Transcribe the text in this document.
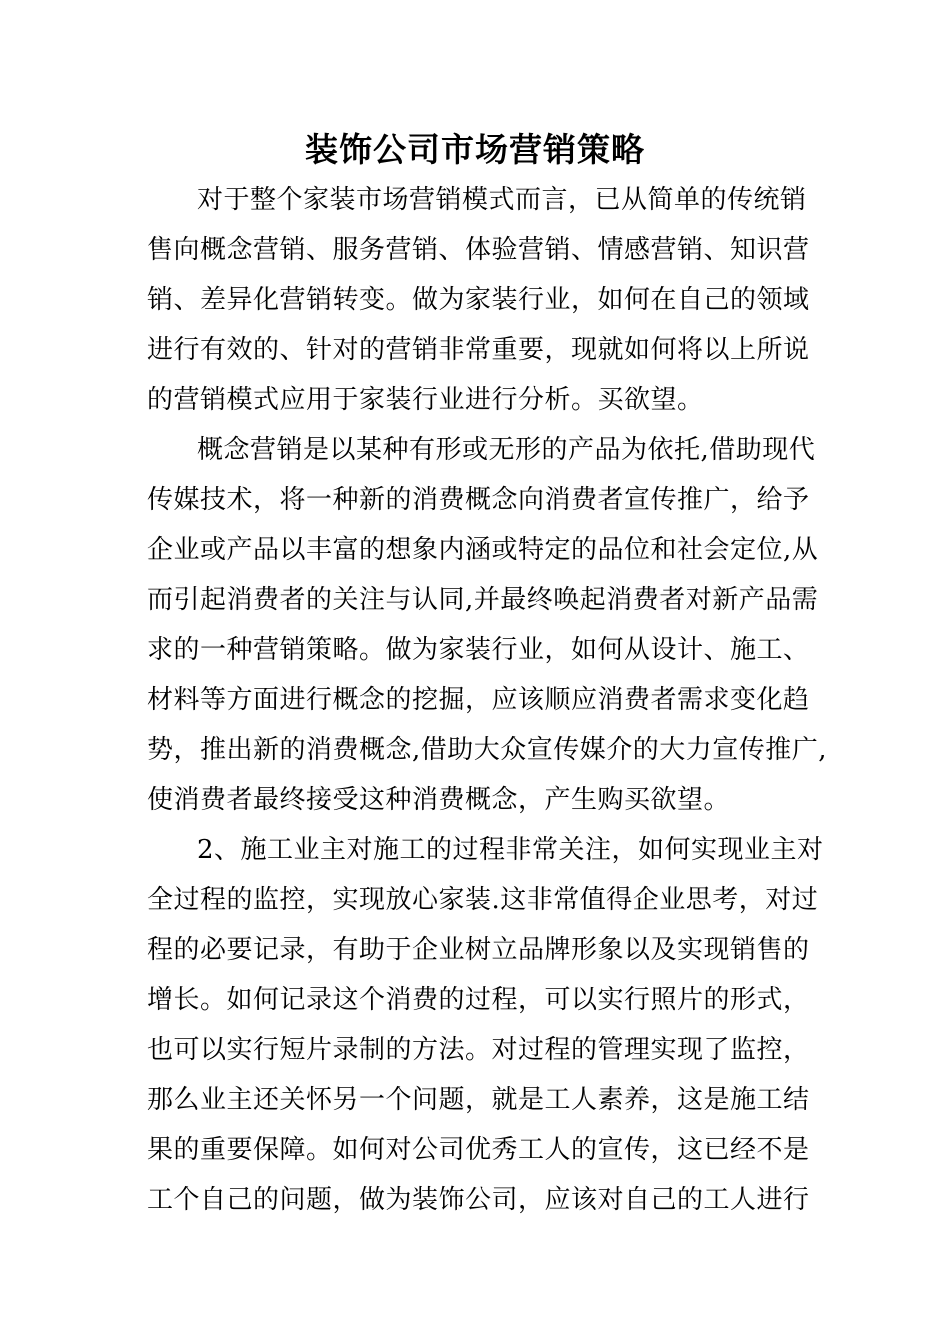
装饰公司市场营销策略
对于整个家装市场营销模式而言，已从简单的传统销
售向概念营销、服务营销、体验营销、情感营销、知识营
销、差异化营销转变。做为家装行业，如何在自己的领域
进行有效的、针对的营销非常重要，现就如何将以上所说
的营销模式应用于家装行业进行分析。买欲望。
概念营销是以某种有形或无形的产品为依托,借助现代
传媒技术，将一种新的消费概念向消费者宣传推广，给予
企业或产品以丰富的想象内涵或特定的品位和社会定位,从
而引起消费者的关注与认同,并最终唤起消费者对新产品需
求的一种营销策略。做为家装行业，如何从设计、施工、
材料等方面进行概念的挖掘，应该顺应消费者需求变化趋
势，推出新的消费概念,借助大众宣传媒介的大力宣传推广,
使消费者最终接受这种消费概念，产生购买欲望。
2、施工业主对施工的过程非常关注，如何实现业主对
全过程的监控，实现放心家装.这非常值得企业思考，对过
程的必要记录，有助于企业树立品牌形象以及实现销售的
增长。如何记录这个消费的过程，可以实行照片的形式，
也可以实行短片录制的方法。对过程的管理实现了监控，
那么业主还关怀另一个问题，就是工人素养，这是施工结
果的重要保障。如何对公司优秀工人的宣传，这已经不是
工个自己的问题，做为装饰公司，应该对自己的工人进行
